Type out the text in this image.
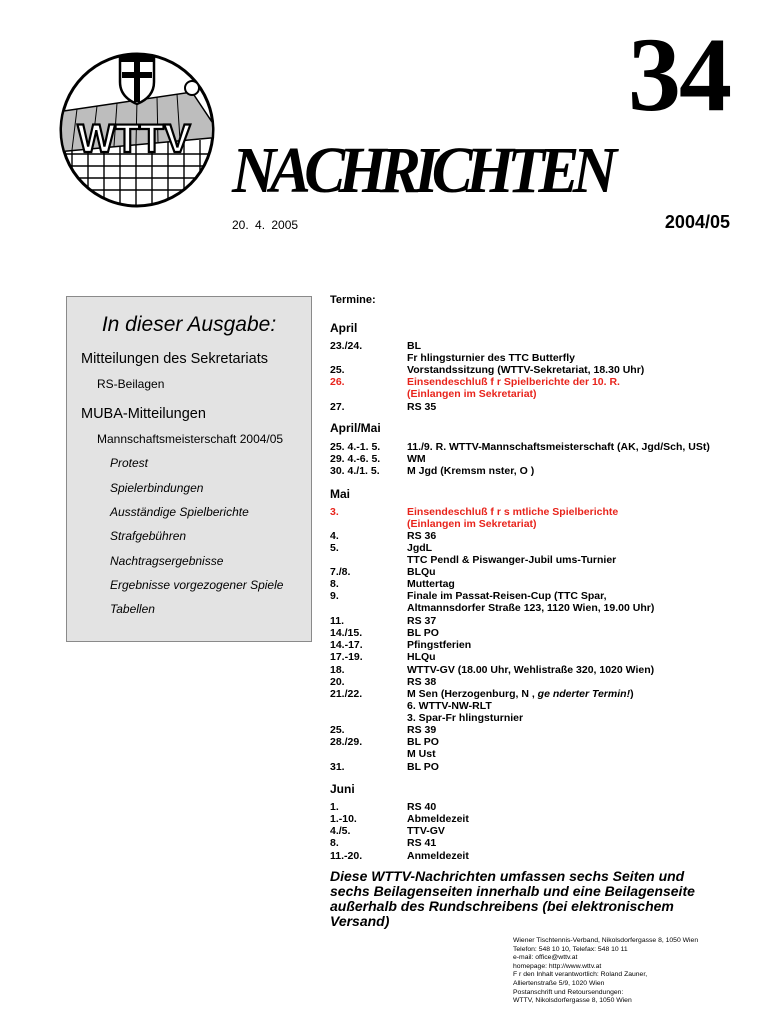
WTTV
34
NACHRICHTEN
20. 4. 2005	2004/05
In dieser Ausgabe:
Mitteilungen des Sekretariats
RS-Beilagen
MUBA-Mitteilungen
Mannschaftsmeisterschaft 2004/05
Protest
Spielerbindungen
Ausständige Spielberichte
Strafgebühren
Nachtragsergebnisse
Ergebnisse vorgezogener Spiele
Tabellen
Termine:
April
23./24.	BL
Fr hlingsturnier des TTC Butterfly
25.	Vorstandssitzung (WTTV-Sekretariat, 18.30 Uhr)
26.	Einsendeschluß f r Spielberichte der 10. R.
(Einlangen im Sekretariat)
27.	RS 35
April/Mai
25. 4.-1. 5.	11./9. R. WTTV-Mannschaftsmeisterschaft (AK, Jgd/Sch, USt)
29. 4.-6. 5.	WM
30. 4./1. 5.	M Jgd (Kremsm nster, O )
Mai
3.	Einsendeschluß f r s mtliche Spielberichte
(Einlangen im Sekretariat)
4.	RS 36
5.	JgdL
TTC Pendl & Piswanger-Jubil ums-Turnier
7./8.	BLQu
8.	Muttertag
9.	Finale im Passat-Reisen-Cup (TTC Spar,
Altmannsdorfer Straße 123, 1120 Wien, 19.00 Uhr)
11.	RS 37
14./15.	BL PO
14.-17.	Pfingstferien
17.-19.	HLQu
18.	WTTV-GV (18.00 Uhr, Wehlistraße 320, 1020 Wien)
20.	RS 38
21./22.	M Sen (Herzogenburg, N , ge nderter Termin!)
6. WTTV-NW-RLT
3. Spar-Fr hlingsturnier
25.	RS 39
28./29.	BL PO
M Ust
31.	BL PO
Juni
1.	RS 40
1.-10.	Abmeldezeit
4./5.	TTV-GV
8.	RS 41
11.-20.	Anmeldezeit
Diese WTTV-Nachrichten umfassen sechs Seiten und sechs Beilagenseiten innerhalb und eine Beilagenseite außerhalb des Rundschreibens (bei elektronischem Versand)
Wiener Tischtennis-Verband, Nikolsdorfergasse 8, 1050 Wien
Telefon: 548 10 10, Telefax: 548 10 11
e-mail: office@wttv.at
homepage: http://www.wttv.at
F r den Inhalt verantwortlich: Roland Zauner,
Alliertenstraße 5/9, 1020 Wien
Postanschrift und Retoursendungen:
WTTV, Nikolsdorfergasse 8, 1050 Wien
